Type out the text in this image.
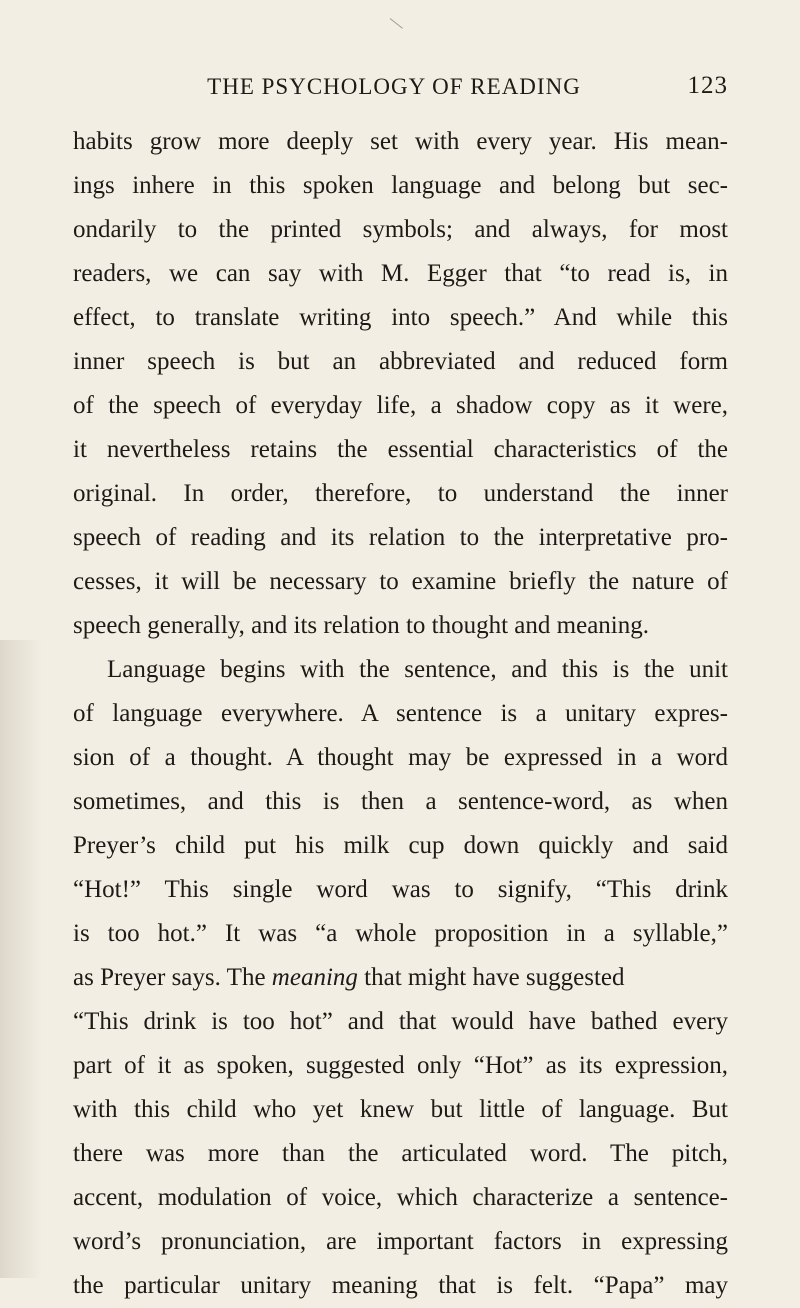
THE PSYCHOLOGY OF READING	123
habits grow more deeply set with every year. His mean-
ings inhere in this spoken language and belong but sec-
ondarily to the printed symbols; and always, for most
readers, we can say with M. Egger that “to read is, in
effect, to translate writing into speech.” And while this
inner speech is but an abbreviated and reduced form
of the speech of everyday life, a shadow copy as it were,
it nevertheless retains the essential characteristics of the
original. In order, therefore, to understand the inner
speech of reading and its relation to the interpretative pro-
cesses, it will be necessary to examine briefly the nature of
speech generally, and its relation to thought and meaning.
Language begins with the sentence, and this is the unit
of language everywhere. A sentence is a unitary expres-
sion of a thought. A thought may be expressed in a word
sometimes, and this is then a sentence-word, as when
Preyer’s child put his milk cup down quickly and said
“Hot!” This single word was to signify, “This drink
is too hot.” It was “a whole proposition in a syllable,”
as Preyer says. The meaning that might have suggested
“This drink is too hot” and that would have bathed every
part of it as spoken, suggested only “Hot” as its expression,
with this child who yet knew but little of language. But
there was more than the articulated word. The pitch,
accent, modulation of voice, which characterize a sentence-
word’s pronunciation, are important factors in expressing
the particular unitary meaning that is felt. “Papa” may
